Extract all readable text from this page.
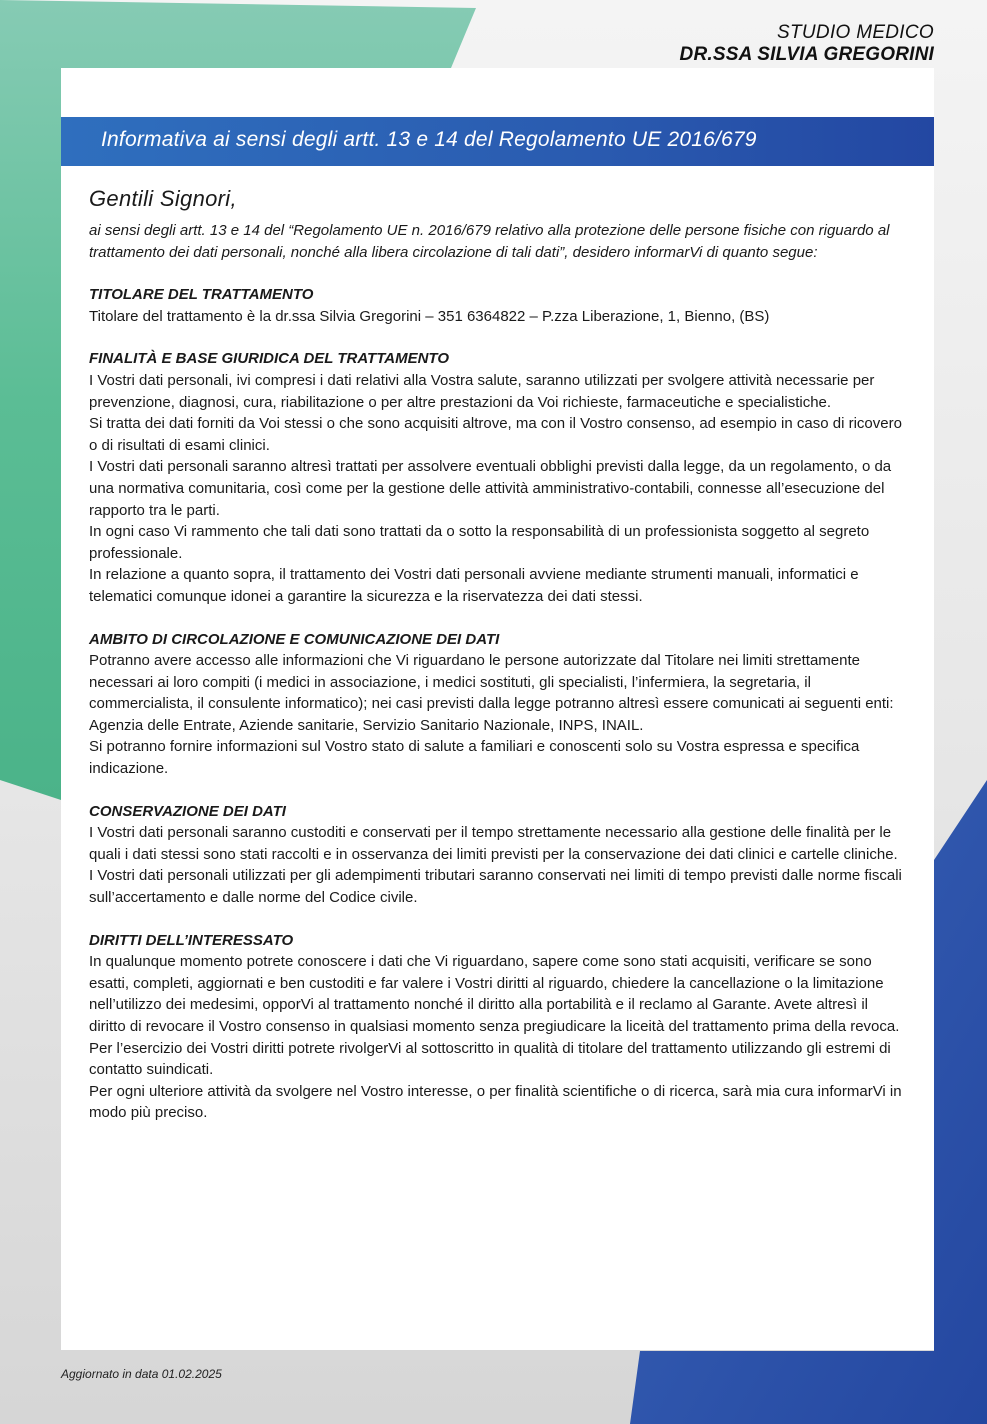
STUDIO MEDICO
DR.SSA SILVIA GREGORINI
Informativa ai sensi degli artt. 13 e 14 del Regolamento UE 2016/679

Gentili Signori,

ai sensi degli artt. 13 e 14 del “Regolamento UE n. 2016/679 relativo alla protezione delle persone fisiche con riguardo al trattamento dei dati personali, nonché alla libera circolazione di tali dati”, desidero informarVi di quanto segue:

TITOLARE DEL TRATTAMENTO

Titolare del trattamento è la dr.ssa Silvia Gregorini – 351 6364822 – P.zza Liberazione, 1, Bienno, (BS)

FINALITÀ E BASE GIURIDICA DEL TRATTAMENTO

I Vostri dati personali, ivi compresi i dati relativi alla Vostra salute, saranno utilizzati per svolgere attività necessarie per prevenzione, diagnosi, cura, riabilitazione o per altre prestazioni da Voi richieste, farmaceutiche e specialistiche.

Si tratta dei dati forniti da Voi stessi o che sono acquisiti altrove, ma con il Vostro consenso, ad esempio in caso di ricovero o di risultati di esami clinici.

I Vostri dati personali saranno altresì trattati per assolvere eventuali obblighi previsti dalla legge, da un regolamento, o da una normativa comunitaria, così come per la gestione delle attività amministrativo-contabili, connesse all’esecuzione del rapporto tra le parti.

In ogni caso Vi rammento che tali dati sono trattati da o sotto la responsabilità di un professionista soggetto al segreto professionale.

In relazione a quanto sopra, il trattamento dei Vostri dati personali avviene mediante strumenti manuali, informatici e telematici comunque idonei a garantire la sicurezza e la riservatezza dei dati stessi.

AMBITO DI CIRCOLAZIONE E COMUNICAZIONE DEI DATI

Potranno avere accesso alle informazioni che Vi riguardano le persone autorizzate dal Titolare nei limiti strettamente necessari ai loro compiti (i medici in associazione, i medici sostituti, gli specialisti, l’infermiera, la segretaria, il commercialista, il consulente informatico); nei casi previsti dalla legge potranno altresì essere comunicati ai seguenti enti: Agenzia delle Entrate, Aziende sanitarie, Servizio Sanitario Nazionale, INPS, INAIL.

Si potranno fornire informazioni sul Vostro stato di salute a familiari e conoscenti solo su Vostra espressa e specifica indicazione.

CONSERVAZIONE DEI DATI

I Vostri dati personali saranno custoditi e conservati per il tempo strettamente necessario alla gestione delle finalità per le quali i dati stessi sono stati raccolti e in osservanza dei limiti previsti per la conservazione dei dati clinici e cartelle cliniche.

I Vostri dati personali utilizzati per gli adempimenti tributari saranno conservati nei limiti di tempo previsti dalle norme fiscali sull’accertamento e dalle norme del Codice civile.

DIRITTI DELL’INTERESSATO

In qualunque momento potrete conoscere i dati che Vi riguardano, sapere come sono stati acquisiti, verificare se sono esatti, completi, aggiornati e ben custoditi e far valere i Vostri diritti al riguardo, chiedere la cancellazione o la limitazione nell’utilizzo dei medesimi, opporVi al trattamento nonché il diritto alla portabilità e il reclamo al Garante. Avete altresì il diritto di revocare il Vostro consenso in qualsiasi momento senza pregiudicare la liceità del trattamento prima della revoca.

Per l’esercizio dei Vostri diritti potrete rivolgerVi al sottoscritto in qualità di titolare del trattamento utilizzando gli estremi di contatto suindicati.

Per ogni ulteriore attività da svolgere nel Vostro interesse, o per finalità scientifiche o di ricerca, sarà mia cura informarVi in modo più preciso.

Aggiornato in data 01.02.2025
